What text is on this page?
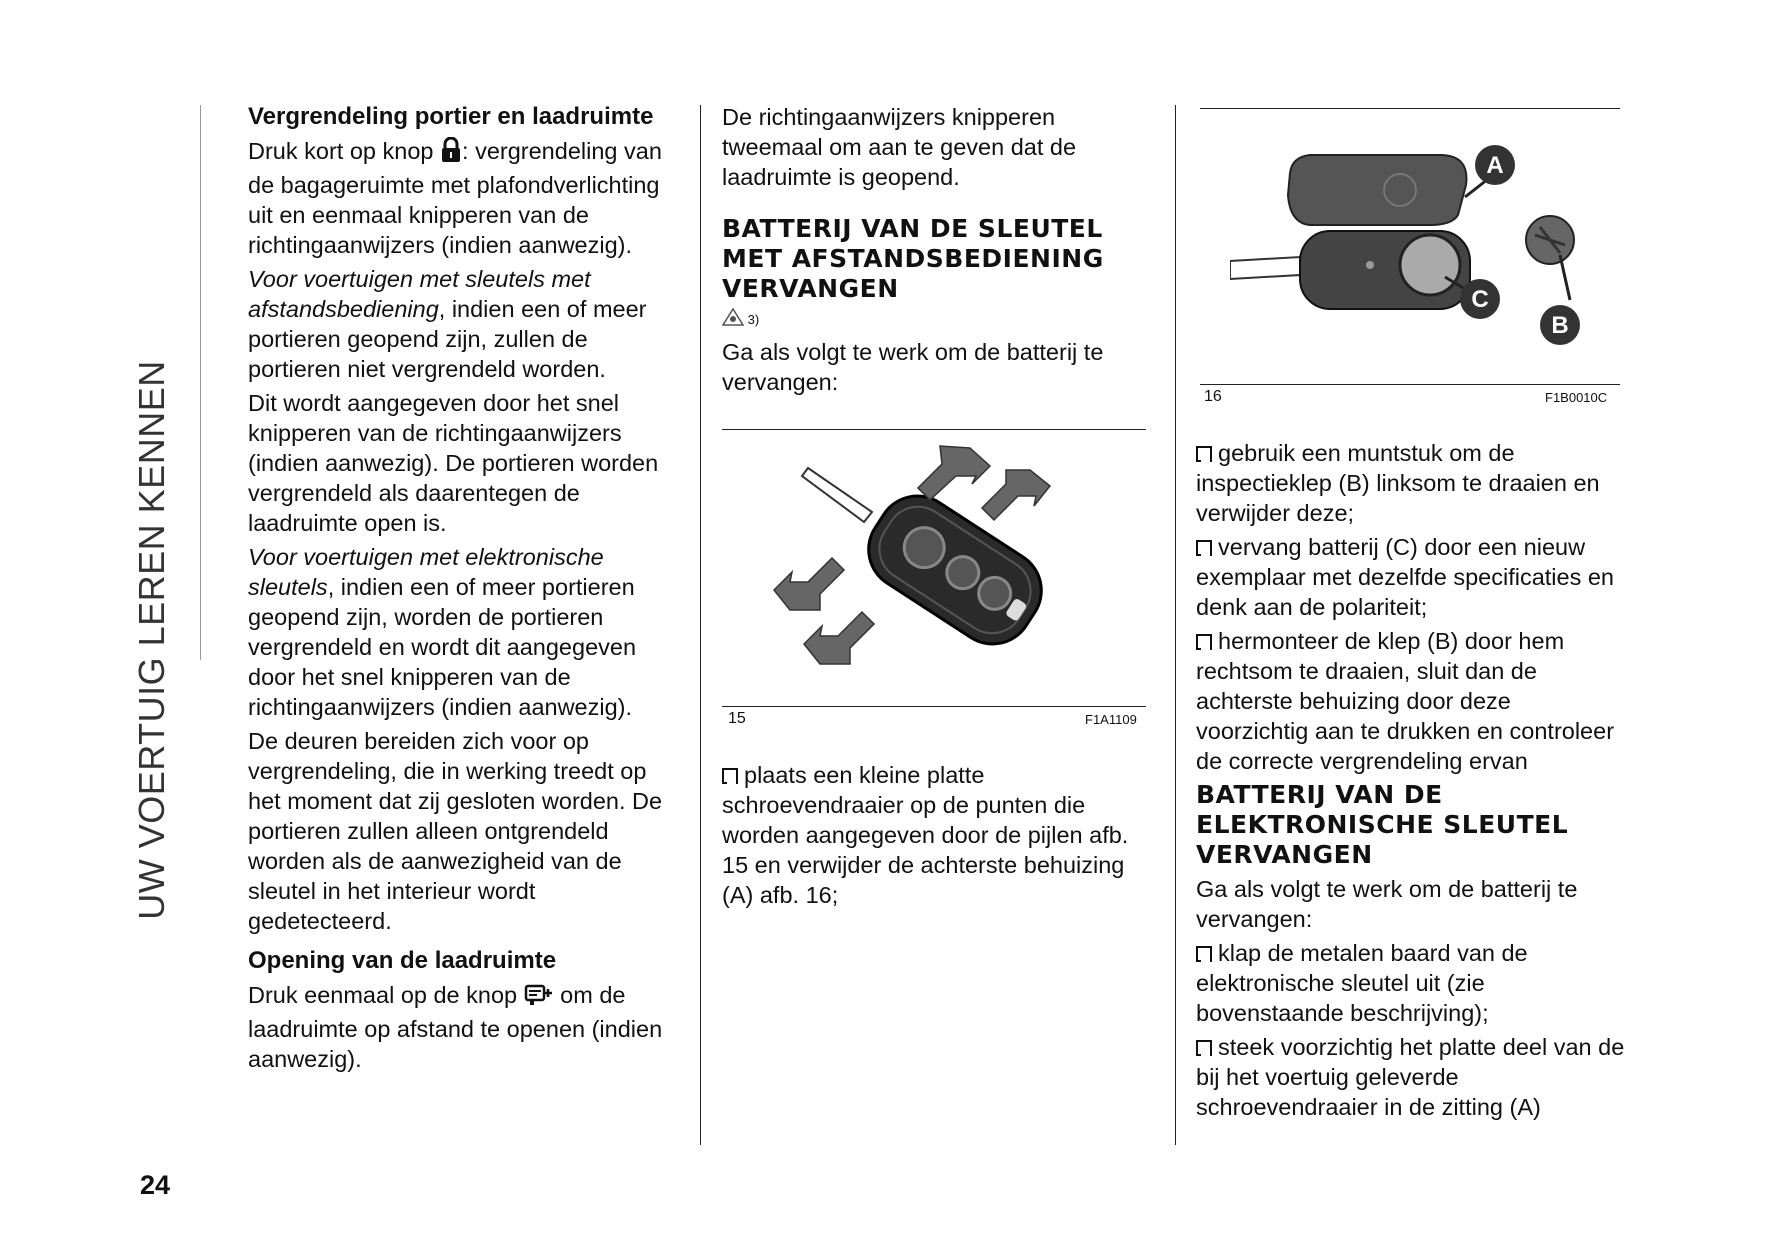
UW VOERTUIG LEREN KENNEN

Vergrendeling portier en laadruimte

Druk kort op knop : vergrendeling van de bagageruimte met plafondverlichting uit en eenmaal knipperen van de richtingaanwijzers (indien aanwezig).

Voor voertuigen met sleutels met afstandsbediening, indien een of meer portieren geopend zijn, zullen de portieren niet vergrendeld worden.

Dit wordt aangegeven door het snel knipperen van de richtingaanwijzers (indien aanwezig). De portieren worden vergrendeld als daarentegen de laadruimte open is.

Voor voertuigen met elektronische sleutels, indien een of meer portieren geopend zijn, worden de portieren vergrendeld en wordt dit aangegeven door het snel knipperen van de richtingaanwijzers (indien aanwezig).

De deuren bereiden zich voor op vergrendeling, die in werking treedt op het moment dat zij gesloten worden. De portieren zullen alleen ontgrendeld worden als de aanwezigheid van de sleutel in het interieur wordt gedetecteerd.

Opening van de laadruimte

Druk eenmaal op de knop  om de laadruimte op afstand te openen (indien aanwezig).

De richtingaanwijzers knipperen tweemaal om aan te geven dat de laadruimte is geopend.

BATTERIJ VAN DE SLEUTEL MET AFSTANDSBEDIENING VERVANGEN

3)

Ga als volgt te werk om de batterij te vervangen:

15	F1A1109

plaats een kleine platte schroevendraaier op de punten die worden aangegeven door de pijlen afb. 15 en verwijder de achterste behuizing (A) afb. 16;

A
B
C
16	F1B0010C

gebruik een muntstuk om de inspectieklep (B) linksom te draaien en verwijder deze;

vervang batterij (C) door een nieuw exemplaar met dezelfde specificaties en denk aan de polariteit;

hermonteer de klep (B) door hem rechtsom te draaien, sluit dan de achterste behuizing door deze voorzichtig aan te drukken en controleer de correcte vergrendeling ervan

BATTERIJ VAN DE ELEKTRONISCHE SLEUTEL VERVANGEN

Ga als volgt te werk om de batterij te vervangen:

klap de metalen baard van de elektronische sleutel uit (zie bovenstaande beschrijving);

steek voorzichtig het platte deel van de bij het voertuig geleverde schroevendraaier in de zitting (A)

24
